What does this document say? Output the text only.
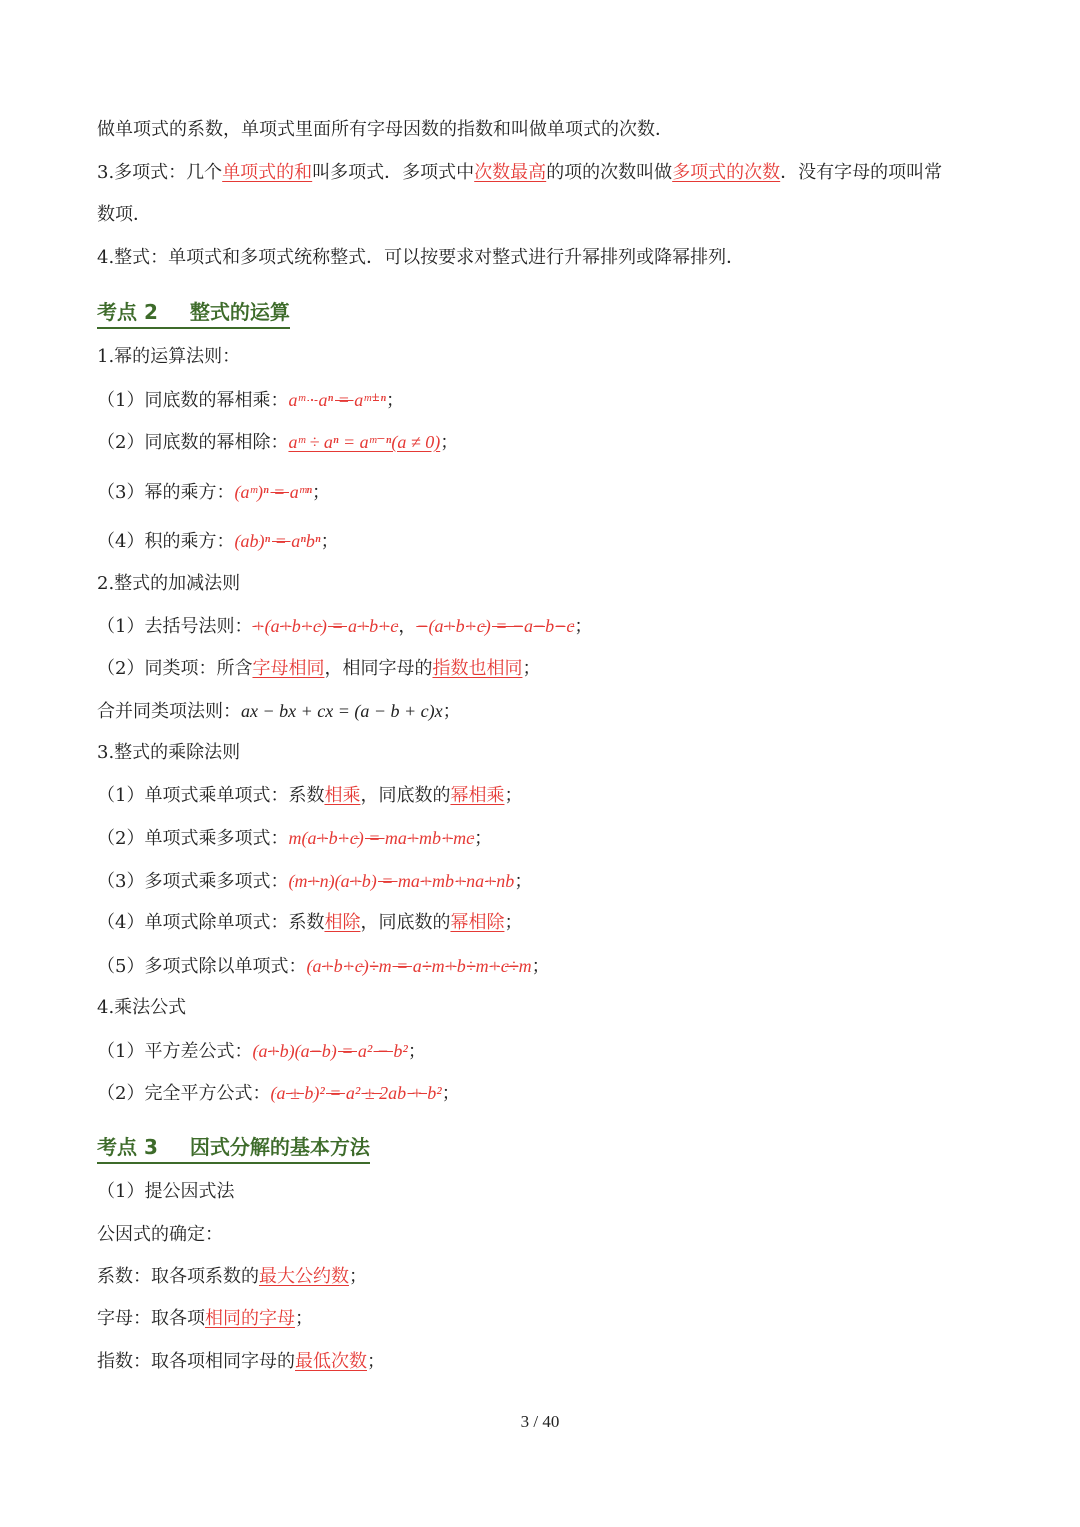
做单项式的系数，单项式里面所有字母因数的指数和叫做单项式的次数．
3.多项式：几个单项式的和叫多项式．多项式中次数最高的项的次数叫做多项式的次数．没有字母的项叫常
数项．
4.整式：单项式和多项式统称整式．可以按要求对整式进行升幂排列或降幂排列．
考点 2 整式的运算
1.幂的运算法则：
（1）同底数的幂相乘：aᵐ · aⁿ = aᵐ⁺ⁿ；
（2）同底数的幂相除：aᵐ ÷ aⁿ = aᵐ⁻ⁿ(a ≠ 0)；
（3）幂的乘方：(aᵐ)ⁿ = aᵐⁿ；
（4）积的乘方：(ab)ⁿ = aⁿbⁿ；
2.整式的加减法则
（1）去括号法则：+(a+b+c) = a+b+c，−(a+b+c) = −a−b−c；
（2）同类项：所含字母相同，相同字母的指数也相同；
合并同类项法则：ax − bx + cx = (a − b + c)x；
3.整式的乘除法则
（1）单项式乘单项式：系数相乘，同底数的幂相乘；
（2）单项式乘多项式：m(a+b+c) = ma+mb+mc；
（3）多项式乘多项式：(m+n)(a+b) = ma+mb+na+nb；
（4）单项式除单项式：系数相除，同底数的幂相除；
（5）多项式除以单项式：(a+b+c)÷m = a÷m+b÷m+c÷m；
4.乘法公式
（1）平方差公式：(a+b)(a−b) = a² − b²；
（2）完全平方公式：(a ± b)² = a² ± 2ab + b²；
考点 3 因式分解的基本方法
（1）提公因式法
公因式的确定：
系数：取各项系数的最大公约数；
字母：取各项相同的字母；
指数：取各项相同字母的最低次数；
3 / 40
